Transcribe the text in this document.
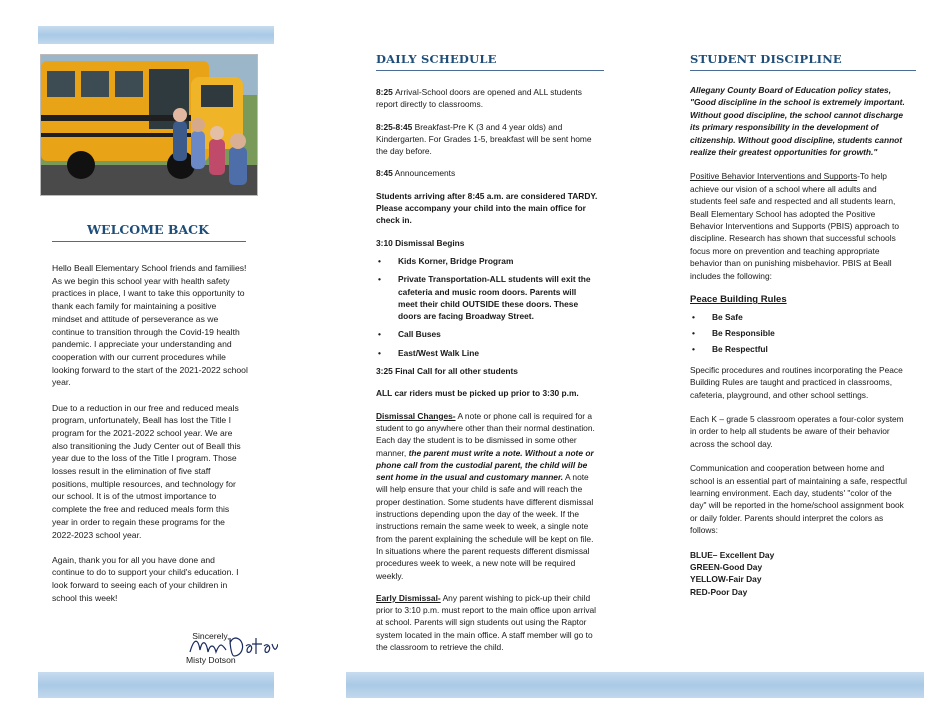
WELCOME BACK

Hello Beall Elementary School friends and families! As we begin this school year with health safety practices in place, I want to take this opportunity to thank each family for maintaining a positive mindset and attitude of perseverance as we continue to transition through the Covid-19 health pandemic. I appreciate your understanding and cooperation with our current procedures while looking forward to the start of the 2021-2022 school year.

Due to a reduction in our free and reduced meals program, unfortunately, Beall has lost the Title I program for the 2021-2022 school year. We are also transitioning the Judy Center out of Beall this year due to the loss of the Title I program. Those losses result in the elimination of five staff positions, multiple resources, and technology for our school. It is of the utmost importance to complete the free and reduced meals form this year in order to regain these programs for the 2022-2023 school year.

Again, thank you for all you have done and continue to do to support your child's education. I look forward to seeing each of your children in school this week!

Sincerely,
Misty Dotson
DAILY SCHEDULE

8:25 Arrival-School doors are opened and ALL students report directly to classrooms.

8:25-8:45 Breakfast-Pre K (3 and 4 year olds) and Kindergarten. For Grades 1-5, breakfast will be sent home the day before.

8:45 Announcements

Students arriving after 8:45 a.m. are considered TARDY. Please accompany your child into the main office for check in.

3:10 Dismissal Begins

• Kids Korner, Bridge Program
• Private Transportation-ALL students will exit the cafeteria and music room doors. Parents will meet their child OUTSIDE these doors. These doors are facing Broadway Street.
• Call Buses
• East/West Walk Line

3:25 Final Call for all other students

ALL car riders must be picked up prior to 3:30 p.m.

Dismissal Changes- A note or phone call is required for a student to go anywhere other than their normal destination. Each day the student is to be dismissed in some other manner, the parent must write a note. Without a note or phone call from the custodial parent, the child will be sent home in the usual and customary manner. A note will help ensure that your child is safe and will reach the proper destination. Some students have different dismissal instructions depending upon the day of the week. If the instructions remain the same week to week, a single note from the parent explaining the schedule will be kept on file. In situations where the parent requests different dismissal procedures week to week, a new note will be required weekly.

Early Dismissal- Any parent wishing to pick-up their child prior to 3:10 p.m. must report to the main office upon arrival at school. Parents will sign students out using the Raptor system located in the main office. A staff member will go to the classroom to retrieve the child.

STUDENT DISCIPLINE

Allegany County Board of Education policy states, "Good discipline in the school is extremely important. Without good discipline, the school cannot discharge its primary responsibility in the development of citizenship. Without good discipline, students cannot realize their greatest opportunities for growth."

Positive Behavior Interventions and Supports-To help achieve our vision of a school where all adults and students feel safe and respected and all students learn, Beall Elementary School has adopted the Positive Behavior Interventions and Supports (PBIS) approach to discipline. Research has shown that successful schools focus more on prevention and teaching appropriate behavior than on punishing misbehavior. PBIS at Beall includes the following:

Peace Building Rules
• Be Safe
• Be Responsible
• Be Respectful

Specific procedures and routines incorporating the Peace Building Rules are taught and practiced in classrooms, cafeteria, playground, and other school settings.

Each K – grade 5 classroom operates a four-color system in order to help all students be aware of their behavior across the school day.

Communication and cooperation between home and school is an essential part of maintaining a safe, respectful learning environment. Each day, students' "color of the day" will be reported in the home/school assignment book or daily folder. Parents should interpret the colors as follows:

BLUE– Excellent Day
GREEN-Good Day
YELLOW-Fair Day
RED-Poor Day
